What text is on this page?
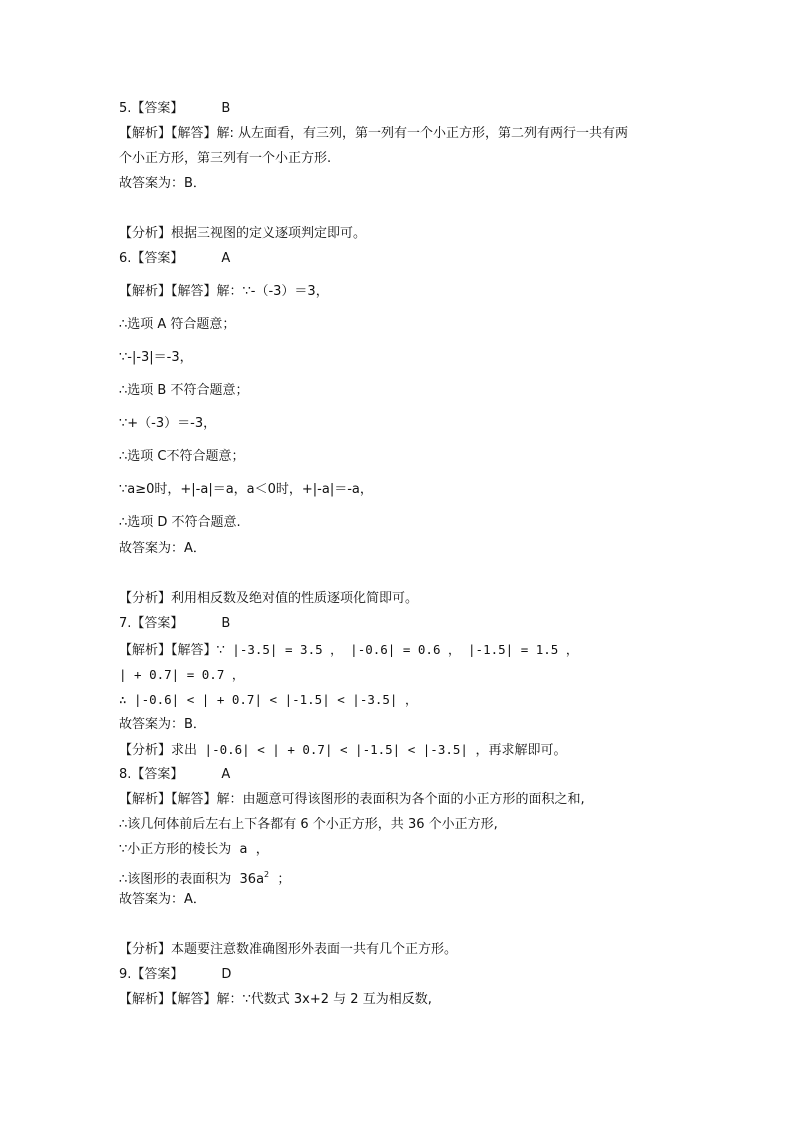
5.【答案】	B
【解析】【解答】解: 从左面看，有三列，第一列有一个小正方形，第二列有两行一共有两
个小正方形，第三列有一个小正方形.
故答案为：B．
【分析】根据三视图的定义逐项判定即可。
6.【答案】	A
【解析】【解答】解：∵-（-3）＝3，
∴选项 A 符合题意；
∵-|-3|＝-3，
∴选项 B 不符合题意；
∵+（-3）＝-3，
∴选项 C不符合题意；
∵a≥0时，+|-a|＝a，a＜0时，+|-a|＝-a，
∴选项 D 不符合题意.
故答案为：A．
【分析】利用相反数及绝对值的性质逐项化简即可。
7.【答案】	B
【解析】【解答】∵ |-3.5| = 3.5 ， |-0.6| = 0.6 ， |-1.5| = 1.5 ，
| + 0.7| = 0.7 ，
∴ |-0.6| < | + 0.7| < |-1.5| < |-3.5| ，
故答案为：B．
【分析】求出 |-0.6| < | + 0.7| < |-1.5| < |-3.5| ，再求解即可。
8.【答案】	A
【解析】【解答】解：由题意可得该图形的表面积为各个面的小正方形的面积之和,
∴该几何体前后左右上下各都有 6 个小正方形，共 36 个小正方形,
∵小正方形的棱长为  a  ，
∴该图形的表面积为  $36a^2$  ；
故答案为：A．
【分析】本题要注意数准确图形外表面一共有几个正方形。
9.【答案】	D
【解析】【解答】解：∵代数式 3x+2 与 2 互为相反数,
